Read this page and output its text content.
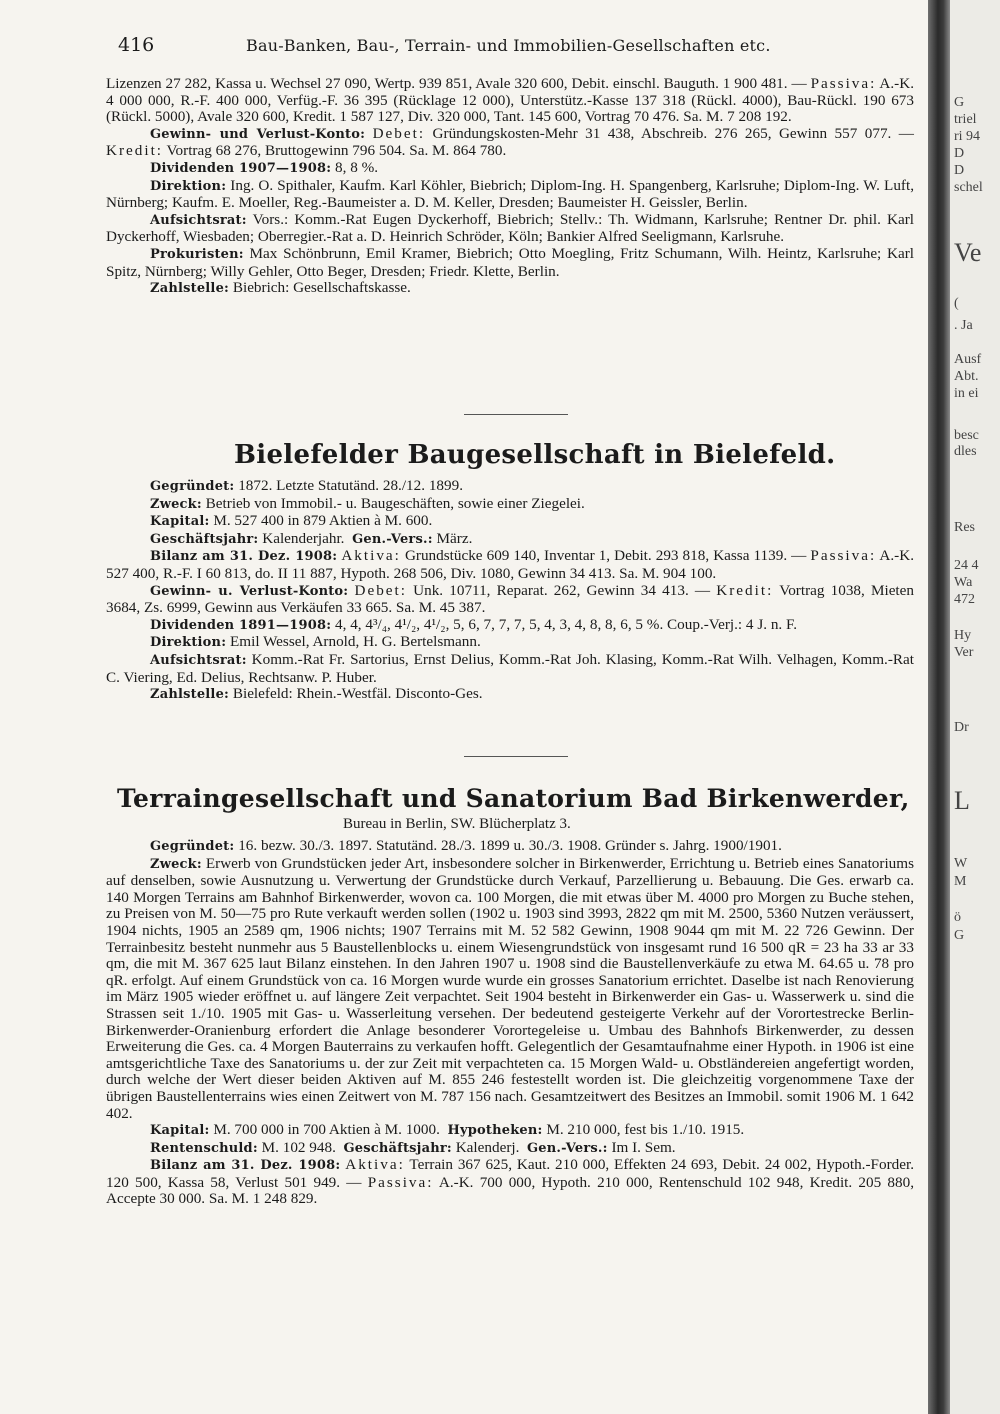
416	Bau-Banken, Bau-, Terrain- und Immobilien-Gesellschaften etc.

Lizenzen 27 282, Kassa u. Wechsel 27 090, Wertp. 939 851, Avale 320 600, Debit. einschl. Bauguth. 1 900 481. — Passiva: A.-K. 4 000 000, R.-F. 400 000, Verfüg.-F. 36 395 (Rücklage 12 000), Unterstütz.-Kasse 137 318 (Rückl. 4000), Bau-Rückl. 190 673 (Rückl. 5000), Avale 320 600, Kredit. 1 587 127, Div. 320 000, Tant. 145 600, Vortrag 70 476. Sa. M. 7 208 192.

Gewinn- und Verlust-Konto: Debet: Gründungskosten-Mehr 31 438, Abschreib. 276 265, Gewinn 557 077. — Kredit: Vortrag 68 276, Bruttogewinn 796 504. Sa. M. 864 780.

Dividenden 1907—1908: 8, 8 %.

Direktion: Ing. O. Spithaler, Kaufm. Karl Köhler, Biebrich; Diplom-Ing. H. Spangenberg, Karlsruhe; Diplom-Ing. W. Luft, Nürnberg; Kaufm. E. Moeller, Reg.-Baumeister a. D. M. Keller, Dresden; Baumeister H. Geissler, Berlin.

Aufsichtsrat: Vors.: Komm.-Rat Eugen Dyckerhoff, Biebrich; Stellv.: Th. Widmann, Karlsruhe; Rentner Dr. phil. Karl Dyckerhoff, Wiesbaden; Oberregier.-Rat a. D. Heinrich Schröder, Köln; Bankier Alfred Seeligmann, Karlsruhe.

Prokuristen: Max Schönbrunn, Emil Kramer, Biebrich; Otto Moegling, Fritz Schumann, Wilh. Heintz, Karlsruhe; Karl Spitz, Nürnberg; Willy Gehler, Otto Beger, Dresden; Friedr. Klette, Berlin.

Zahlstelle: Biebrich: Gesellschaftskasse.

Bielefelder Baugesellschaft in Bielefeld.

Gegründet: 1872. Letzte Statutänd. 28./12. 1899.

Zweck: Betrieb von Immobil.- u. Baugeschäften, sowie einer Ziegelei.

Kapital: M. 527 400 in 879 Aktien à M. 600.

Geschäftsjahr: Kalenderjahr. Gen.-Vers.: März.

Bilanz am 31. Dez. 1908: Aktiva: Grundstücke 609 140, Inventar 1, Debit. 293 818, Kassa 1139. — Passiva: A.-K. 527 400, R.-F. I 60 813, do. II 11 887, Hypoth. 268 506, Div. 1080, Gewinn 34 413. Sa. M. 904 100.

Gewinn- u. Verlust-Konto: Debet: Unk. 10711, Reparat. 262, Gewinn 34 413. — Kredit: Vortrag 1038, Mieten 3684, Zs. 6999, Gewinn aus Verkäufen 33 665. Sa. M. 45 387.

Dividenden 1891—1908: 4, 4, 4³/₄, 4¹/₂, 4¹/₂, 5, 6, 7, 7, 7, 5, 4, 3, 4, 8, 8, 6, 5 %. Coup.-Verj.: 4 J. n. F.

Direktion: Emil Wessel, Arnold, H. G. Bertelsmann.

Aufsichtsrat: Komm.-Rat Fr. Sartorius, Ernst Delius, Komm.-Rat Joh. Klasing, Komm.-Rat Wilh. Velhagen, Komm.-Rat C. Viering, Ed. Delius, Rechtsanw. P. Huber.

Zahlstelle: Bielefeld: Rhein.-Westfäl. Disconto-Ges.

Terraingesellschaft und Sanatorium Bad Birkenwerder,
Bureau in Berlin, SW. Blücherplatz 3.

Gegründet: 16. bezw. 30./3. 1897. Statutänd. 28./3. 1899 u. 30./3. 1908. Gründer s. Jahrg. 1900/1901.

Zweck: Erwerb von Grundstücken jeder Art, insbesondere solcher in Birkenwerder, Errichtung u. Betrieb eines Sanatoriums auf denselben, sowie Ausnutzung u. Verwertung der Grundstücke durch Verkauf, Parzellierung u. Bebauung. Die Ges. erwarb ca. 140 Morgen Terrains am Bahnhof Birkenwerder, wovon ca. 100 Morgen, die mit etwas über M. 4000 pro Morgen zu Buche stehen, zu Preisen von M. 50—75 pro Rute verkauft werden sollen (1902 u. 1903 sind 3993, 2822 qm mit M. 2500, 5360 Nutzen veräussert, 1904 nichts, 1905 an 2589 qm, 1906 nichts; 1907 Terrains mit M. 52 582 Gewinn, 1908 9044 qm mit M. 22 726 Gewinn. Der Terrainbesitz besteht nunmehr aus 5 Baustellenblocks u. einem Wiesengrundstück von insgesamt rund 16 500 qR = 23 ha 33 ar 33 qm, die mit M. 367 625 laut Bilanz einstehen. In den Jahren 1907 u. 1908 sind die Baustellenverkäufe zu etwa M. 64.65 u. 78 pro qR. erfolgt. Auf einem Grundstück von ca. 16 Morgen wurde wurde ein grosses Sanatorium errichtet. Daselbe ist nach Renovierung im März 1905 wieder eröffnet u. auf längere Zeit verpachtet. Seit 1904 besteht in Birkenwerder ein Gas- u. Wasserwerk u. sind die Strassen seit 1./10. 1905 mit Gas- u. Wasserleitung versehen. Der bedeutend gesteigerte Verkehr auf der Vorortestrecke Berlin-Birkenwerder-Oranienburg erfordert die Anlage besonderer Vorortegeleise u. Umbau des Bahnhofs Birkenwerder, zu dessen Erweiterung die Ges. ca. 4 Morgen Bauterrains zu verkaufen hofft. Gelegentlich der Gesamtaufnahme einer Hypoth. in 1906 ist eine amtsgerichtliche Taxe des Sanatoriums u. der zur Zeit mit verpachteten ca. 15 Morgen Wald- u. Obstländereien angefertigt worden, durch welche der Wert dieser beiden Aktiven auf M. 855 246 festestellt worden ist. Die gleichzeitig vorgenommene Taxe der übrigen Baustellenterrains wies einen Zeitwert von M. 787 156 nach. Gesamtzeitwert des Besitzes an Immobil. somit 1906 M. 1 642 402.

Kapital: M. 700 000 in 700 Aktien à M. 1000. Hypotheken: M. 210 000, fest bis 1./10. 1915.

Rentenschuld: M. 102 948. Geschäftsjahr: Kalenderj. Gen.-Vers.: Im I. Sem.

Bilanz am 31. Dez. 1908: Aktiva: Terrain 367 625, Kaut. 210 000, Effekten 24 693, Debit. 24 002, Hypoth.-Forder. 120 500, Kassa 58, Verlust 501 949. — Passiva: A.-K. 700 000, Hypoth. 210 000, Rentenschuld 102 948, Kredit. 205 880, Accepte 30 000. Sa. M. 1 248 829.

G
triel
ri 94
D
D
schel
Ve
(
. Ja
Ausf
Abt.
in ei
besc
dles
Res
24 4
Wa
472
Hy
Ver
Dr
L
W
M
ö
G
